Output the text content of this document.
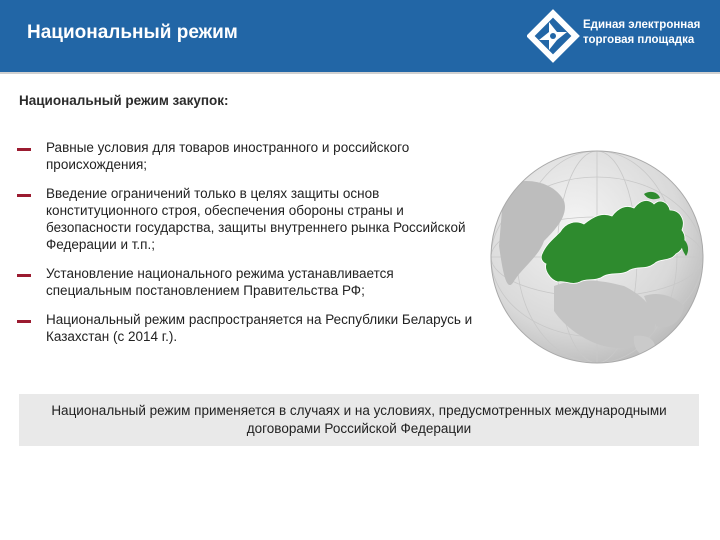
Национальный режим	Единая электронная
торговая площадка
Национальный режим закупок:
Равные условия для товаров иностранного и российского происхождения;
Введение ограничений только в целях защиты основ конституционного строя, обеспечения обороны страны и безопасности государства, защиты внутреннего рынка Российской Федерации и т.п.;
Установление национального режима устанавливается специальным постановлением Правительства РФ;
Национальный режим распространяется на Республики Беларусь и Казахстан (с 2014 г.).
Национальный режим применяется в случаях и на условиях, предусмотренных международными договорами Российской Федерации
